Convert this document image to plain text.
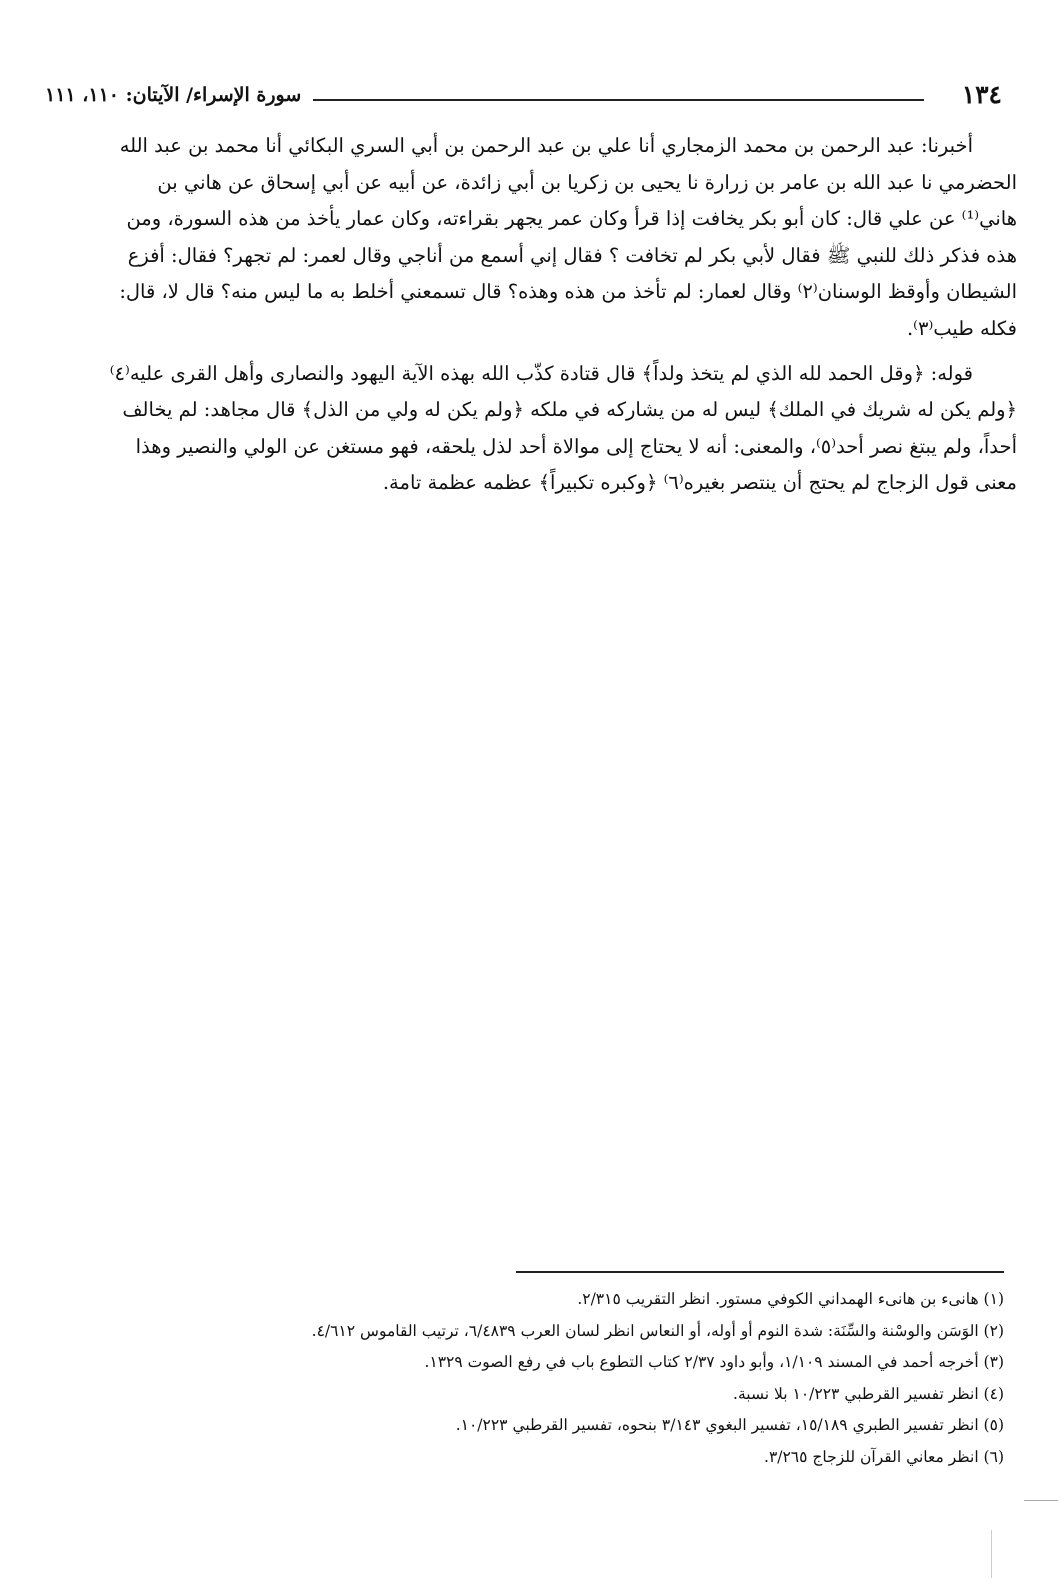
١٣٤
سورة الإسراء/ الآيتان: ١١٠، ١١١

أخبرنا: عبد الرحمن بن محمد الزمجاري أنا علي بن عبد الرحمن بن أبي السري البكائي أنا محمد بن عبد الله

الحضرمي نا عبد الله بن عامر بن زرارة نا يحيى بن زكريا بن أبي زائدة، عن أبيه عن أبي إسحاق عن هاني بن

هاني⁽¹⁾ عن علي قال: كان أبو بكر يخافت إذا قرأ وكان عمر يجهر بقراءته، وكان عمار يأخذ من هذه السورة، ومن

هذه فذكر ذلك للنبي ﷺ فقال لأبي بكر لم تخافت ؟ فقال إني أسمع من أناجي وقال لعمر: لم تجهر؟ فقال: أفزع

الشيطان وأوقظ الوسنان⁽٢⁾ وقال لعمار: لم تأخذ من هذه وهذه؟ قال تسمعني أخلط به ما ليس منه؟ قال لا، قال:

فكله طيب⁽٣⁾.

قوله: ﴿وقل الحمد لله الذي لم يتخذ ولداً﴾ قال قتادة كذّب الله بهذه الآية اليهود والنصارى وأهل القرى عليه⁽٤⁾

﴿ولم يكن له شريك في الملك﴾ ليس له من يشاركه في ملكه ﴿ولم يكن له ولي من الذل﴾ قال مجاهد: لم يخالف

أحداً، ولم يبتغ نصر أحد⁽٥⁾، والمعنى: أنه لا يحتاج إلى موالاة أحد لذل يلحقه، فهو مستغن عن الولي والنصير وهذا

معنى قول الزجاج لم يحتج أن ينتصر بغيره⁽٦⁾ ﴿وكبره تكبيراً﴾ عظمه عظمة تامة.

(١) هانىء بن هانىء الهمداني الكوفي مستور. انظر التقريب ٢/٣١٥.
(٢) الوَسَن والوسْنة والسِّنَة: شدة النوم أو أوله، أو النعاس انظر لسان العرب ٦/٤٨٣٩، ترتيب القاموس ٤/٦١٢.
(٣) أخرجه أحمد في المسند ١/١٠٩، وأبو داود ٢/٣٧ كتاب التطوع باب في رفع الصوت ١٣٢٩.
(٤) انظر تفسير القرطبي ١٠/٢٢٣ بلا نسبة.
(٥) انظر تفسير الطبري ١٥/١٨٩، تفسير البغوي ٣/١٤٣ بنحوه، تفسير القرطبي ١٠/٢٢٣.
(٦) انظر معاني القرآن للزجاج ٣/٢٦٥.
